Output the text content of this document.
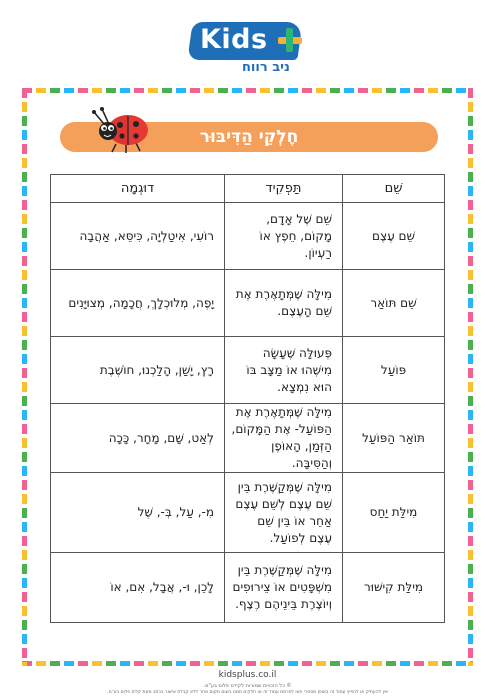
Kids
ניב רווח
חֶלְקֵי הַדִּיבּוּר
שֵׁם	תַּפְקִיד	דוּגְמָה
שֵׁם עֶצֶם	שֵׁם שֶׁל אָדָם, מָקוֹם, חֵפֶץ אוֹ רַעְיוֹן.	רוֹעִי, אִיטַלְיָה, כִּיסֵּא, אַהֲבָה
שֵׁם תּוֹאַר	מִילָּה שֶׁמְּתָאֶרֶת אֶת שֵׁם הָעֶצֶם.	יָפֶה, מְלוּכְלָךְ, חֲכָמָה, מְצוּיָּנִים
פּוֹעַל	פְּעוּלָּה שֶׁעָשָׂה מִישֶׁהוּ אוֹ מַצָּב בּוֹ הוּא נִמְצָא.	רָץ, יָשַׁן, הָלַכְנוּ, חוֹשֶׁבֶת
תּוֹאַר הַפּוֹעַל	מִילָּה שֶׁמְּתָאֶרֶת אֶת הַפּוֹעַל- אֶת הַמָּקוֹם, הַזְּמַן, הָאוֹפֶן וְהַסִּיבָּה.	לְאַט, שָׁם, מָחָר, כָּכָה
מִילַּת יַחַס	מִילָּה שֶׁמְּקַשֶּׁרֶת בֵּין שֵׁם עֶצֶם לְשֵׁם עֶצֶם אַחֵר אוֹ בֵּין שֵׁם עֶצֶם לְפוֹעַל.	מִ-, עַל, בְּ-, שֶׁל
מִילַּת קִישּׁוּר	מִילָּה שֶׁמְּקַשֶּׁרֶת בֵּין מִשְׁפָּטִים אוֹ צֵירוּפִים וְיוֹצֶרֶת בֵּינֵיהֶם רֶצֶף.	לָכֵן, וּ-, אֲבָל, אִם, אוֹ
kidsplus.co.il
© כל הזכויות שמורות לקידס פלוס בע"מ.
אין להעתיק או להפיץ עמוד זה באופן מסחרי ו/או לפרסם עמוד זה או חלקים ממנו בשום מקום אחר ללא קבלת אישור בכתב מאת קידס פלוס בע"מ.
